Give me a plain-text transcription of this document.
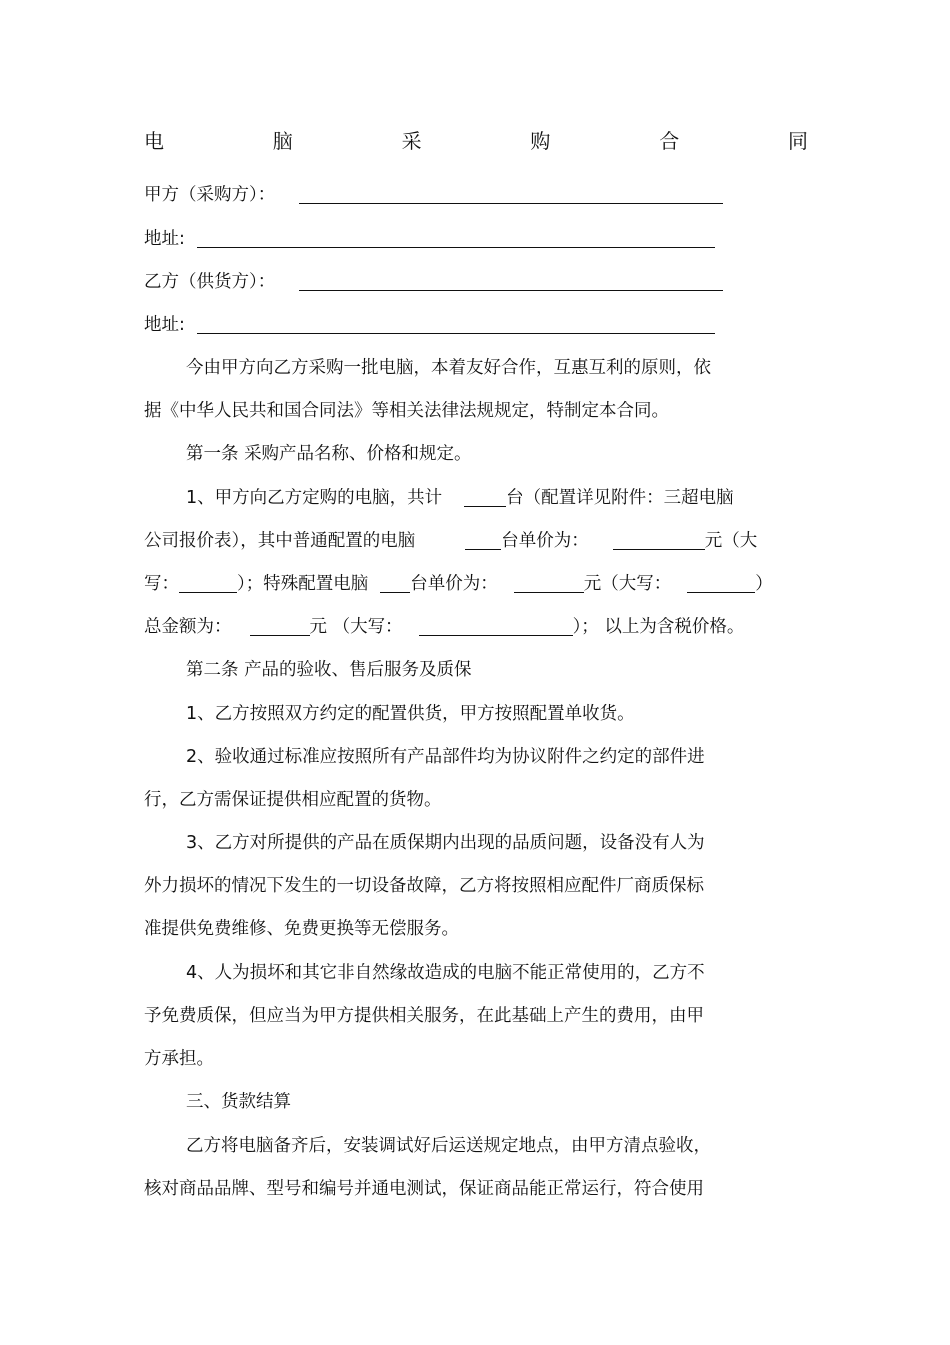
电	脑	采	购	合	同
甲方（采购方）：
地址:
乙方（供货方）：
地址:
今由甲方向乙方采购一批电脑，本着友好合作，互惠互利的原则，依
据《中华人民共和国合同法》等相关法律法规规定，特制定本合同。
第一条 采购产品名称、价格和规定。
1、甲方向乙方定购的电脑，共计	台（配置详见附件：三超电脑
公司报价表），其中普通配置的电脑	台单价为：	元（大
写：	）；特殊配置电脑 台单价为：	元（大写：	）
总金额为：	元 （大写：	）； 以上为含税价格。
第二条 产品的验收、售后服务及质保
1、乙方按照双方约定的配置供货，甲方按照配置单收货。
2、验收通过标准应按照所有产品部件均为协议附件之约定的部件进
行，乙方需保证提供相应配置的货物。
3、乙方对所提供的产品在质保期内出现的品质问题，设备没有人为
外力损坏的情况下发生的一切设备故障，乙方将按照相应配件厂商质保标
准提供免费维修、免费更换等无偿服务。
4、人为损坏和其它非自然缘故造成的电脑不能正常使用的，乙方不
予免费质保，但应当为甲方提供相关服务，在此基础上产生的费用，由甲
方承担。
三、货款结算
乙方将电脑备齐后，安装调试好后运送规定地点，由甲方清点验收，
核对商品品牌、型号和编号并通电测试，保证商品能正常运行，符合使用
